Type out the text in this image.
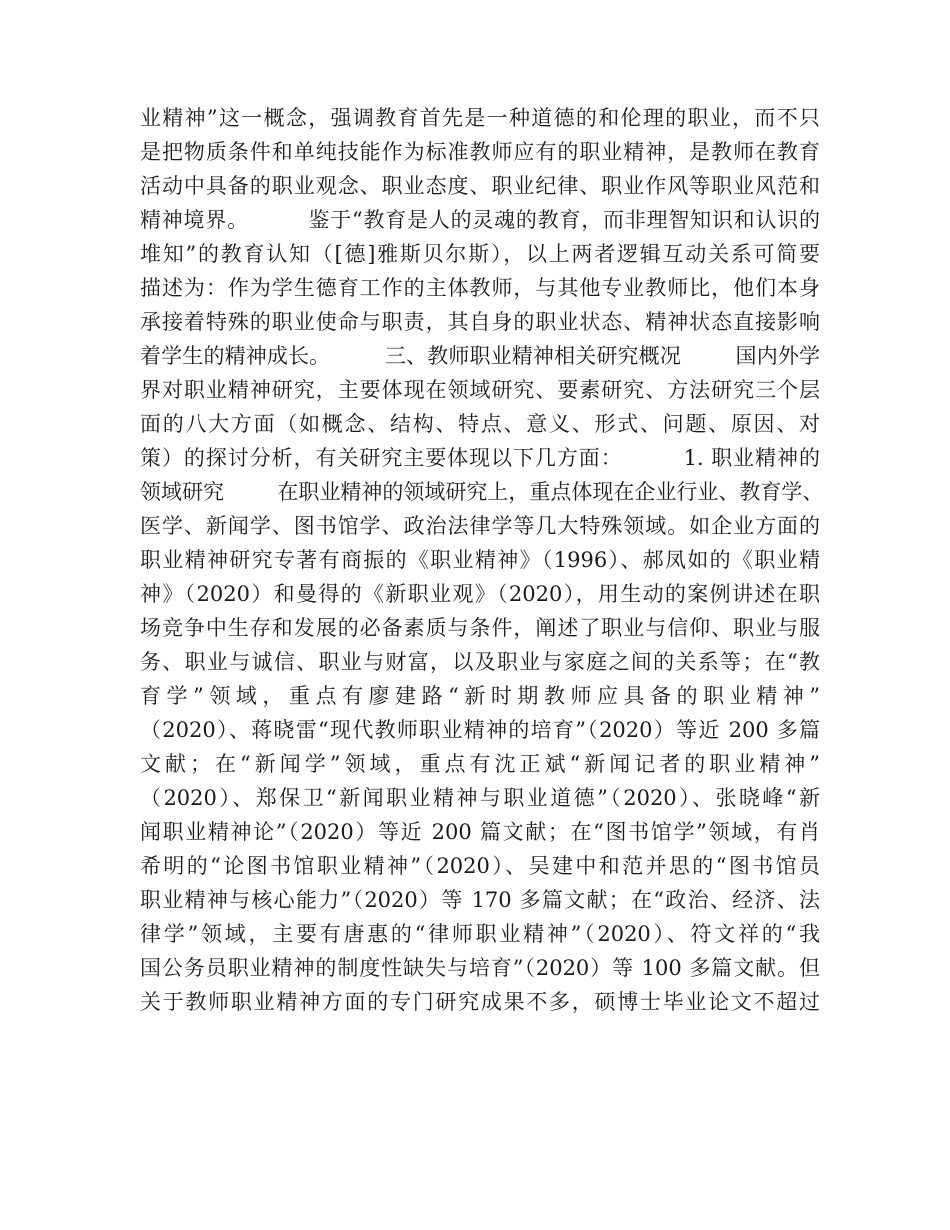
业精神”这一概念，强调教育首先是一种道德的和伦理的职业，而不只
是把物质条件和单纯技能作为标准教师应有的职业精神，是教师在教育
活动中具备的职业观念、职业态度、职业纪律、职业作风等职业风范和
精神境界。        鉴于“教育是人的灵魂的教育，而非理智知识和认识的
堆知”的教育认知（[德]雅斯贝尔斯），以上两者逻辑互动关系可简要
描述为：作为学生德育工作的主体教师，与其他专业教师比，他们本身
承接着特殊的职业使命与职责，其自身的职业状态、精神状态直接影响
着学生的精神成长。        三、教师职业精神相关研究概况        国内外学
界对职业精神研究，主要体现在领域研究、要素研究、方法研究三个层
面的八大方面（如概念、结构、特点、意义、形式、问题、原因、对
策）的探讨分析，有关研究主要体现以下几方面：        1. 职业精神的
领域研究        在职业精神的领域研究上，重点体现在企业行业、教育学、
医学、新闻学、图书馆学、政治法律学等几大特殊领域。如企业方面的
职业精神研究专著有商振的《职业精神》（1996）、郝凤如的《职业精
神》（2020）和曼得的《新职业观》（2020），用生动的案例讲述在职
场竞争中生存和发展的必备素质与条件，阐述了职业与信仰、职业与服
务、职业与诚信、职业与财富，以及职业与家庭之间的关系等；在“教
育学”领域，重点有廖建路“新时期教师应具备的职业精神”
（2020）、蒋晓雷“现代教师职业精神的培育”（2020）等近 200 多篇
文献；在“新闻学”领域，重点有沈正斌“新闻记者的职业精神”
（2020）、郑保卫“新闻职业精神与职业道德”（2020）、张晓峰“新
闻职业精神论”（2020）等近 200 篇文献；在“图书馆学”领域，有肖
希明的“论图书馆职业精神”（2020）、吴建中和范并思的“图书馆员
职业精神与核心能力”（2020）等 170 多篇文献；在“政治、经济、法
律学”领域，主要有唐惠的“律师职业精神”（2020）、符文祥的“我
国公务员职业精神的制度性缺失与培育”（2020）等 100 多篇文献。但
关于教师职业精神方面的专门研究成果不多，硕博士毕业论文不超过
